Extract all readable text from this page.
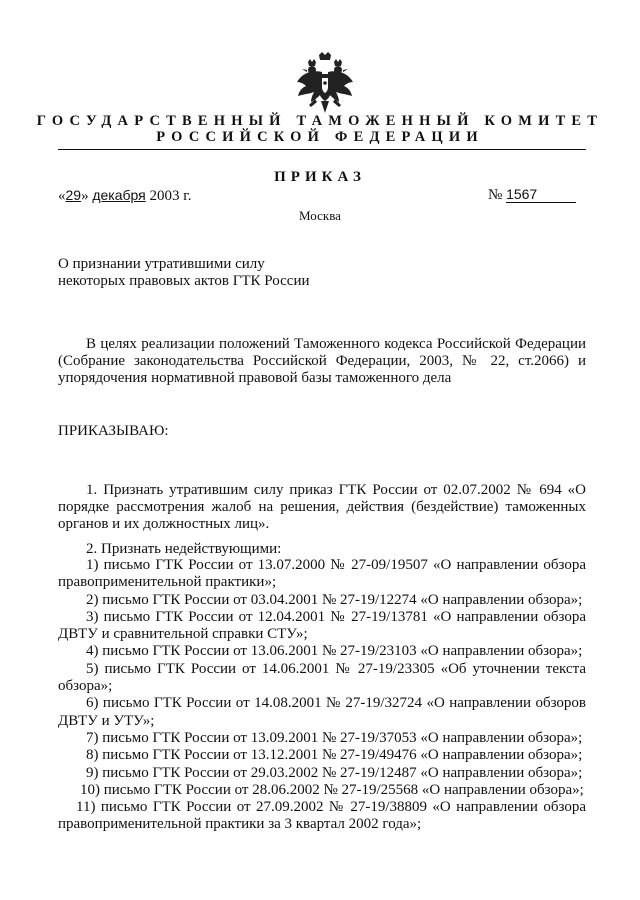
ГОСУДАРСТВЕННЫЙ ТАМОЖЕННЫЙ КОМИТЕТ
РОССИЙСКОЙ ФЕДЕРАЦИИ
ПРИКАЗ
«29» декабря 2003 г.	№ 1567
Москва
О признании утратившими силу
некоторых правовых актов ГТК России
В целях реализации положений Таможенного кодекса Российской Федерации (Собрание законодательства Российской Федерации, 2003, № 22, ст.2066) и упорядочения нормативной правовой базы таможенного дела
ПРИКАЗЫВАЮ:
1. Признать утратившим силу приказ ГТК России от 02.07.2002 № 694 «О порядке рассмотрения жалоб на решения, действия (бездействие) таможенных органов и их должностных лиц».
2. Признать недействующими:
1) письмо ГТК России от 13.07.2000 № 27-09/19507 «О направлении обзора правоприменительной практики»;
2) письмо ГТК России от 03.04.2001 № 27-19/12274 «О направлении обзора»;
3) письмо ГТК России от 12.04.2001 № 27-19/13781 «О направлении обзора ДВТУ и сравнительной справки СТУ»;
4) письмо ГТК России от 13.06.2001 № 27-19/23103 «О направлении обзора»;
5) письмо ГТК России от 14.06.2001 № 27-19/23305 «Об уточнении текста обзора»;
6) письмо ГТК России от 14.08.2001 № 27-19/32724 «О направлении обзоров ДВТУ и УТУ»;
7) письмо ГТК России от 13.09.2001 № 27-19/37053 «О направлении обзора»;
8) письмо ГТК России от 13.12.2001 № 27-19/49476 «О направлении обзора»;
9) письмо ГТК России от 29.03.2002 № 27-19/12487 «О направлении обзора»;
10) письмо ГТК России от 28.06.2002 № 27-19/25568 «О направлении обзора»;
11) письмо ГТК России от 27.09.2002 № 27-19/38809 «О направлении обзора правоприменительной практики за 3 квартал 2002 года»;
